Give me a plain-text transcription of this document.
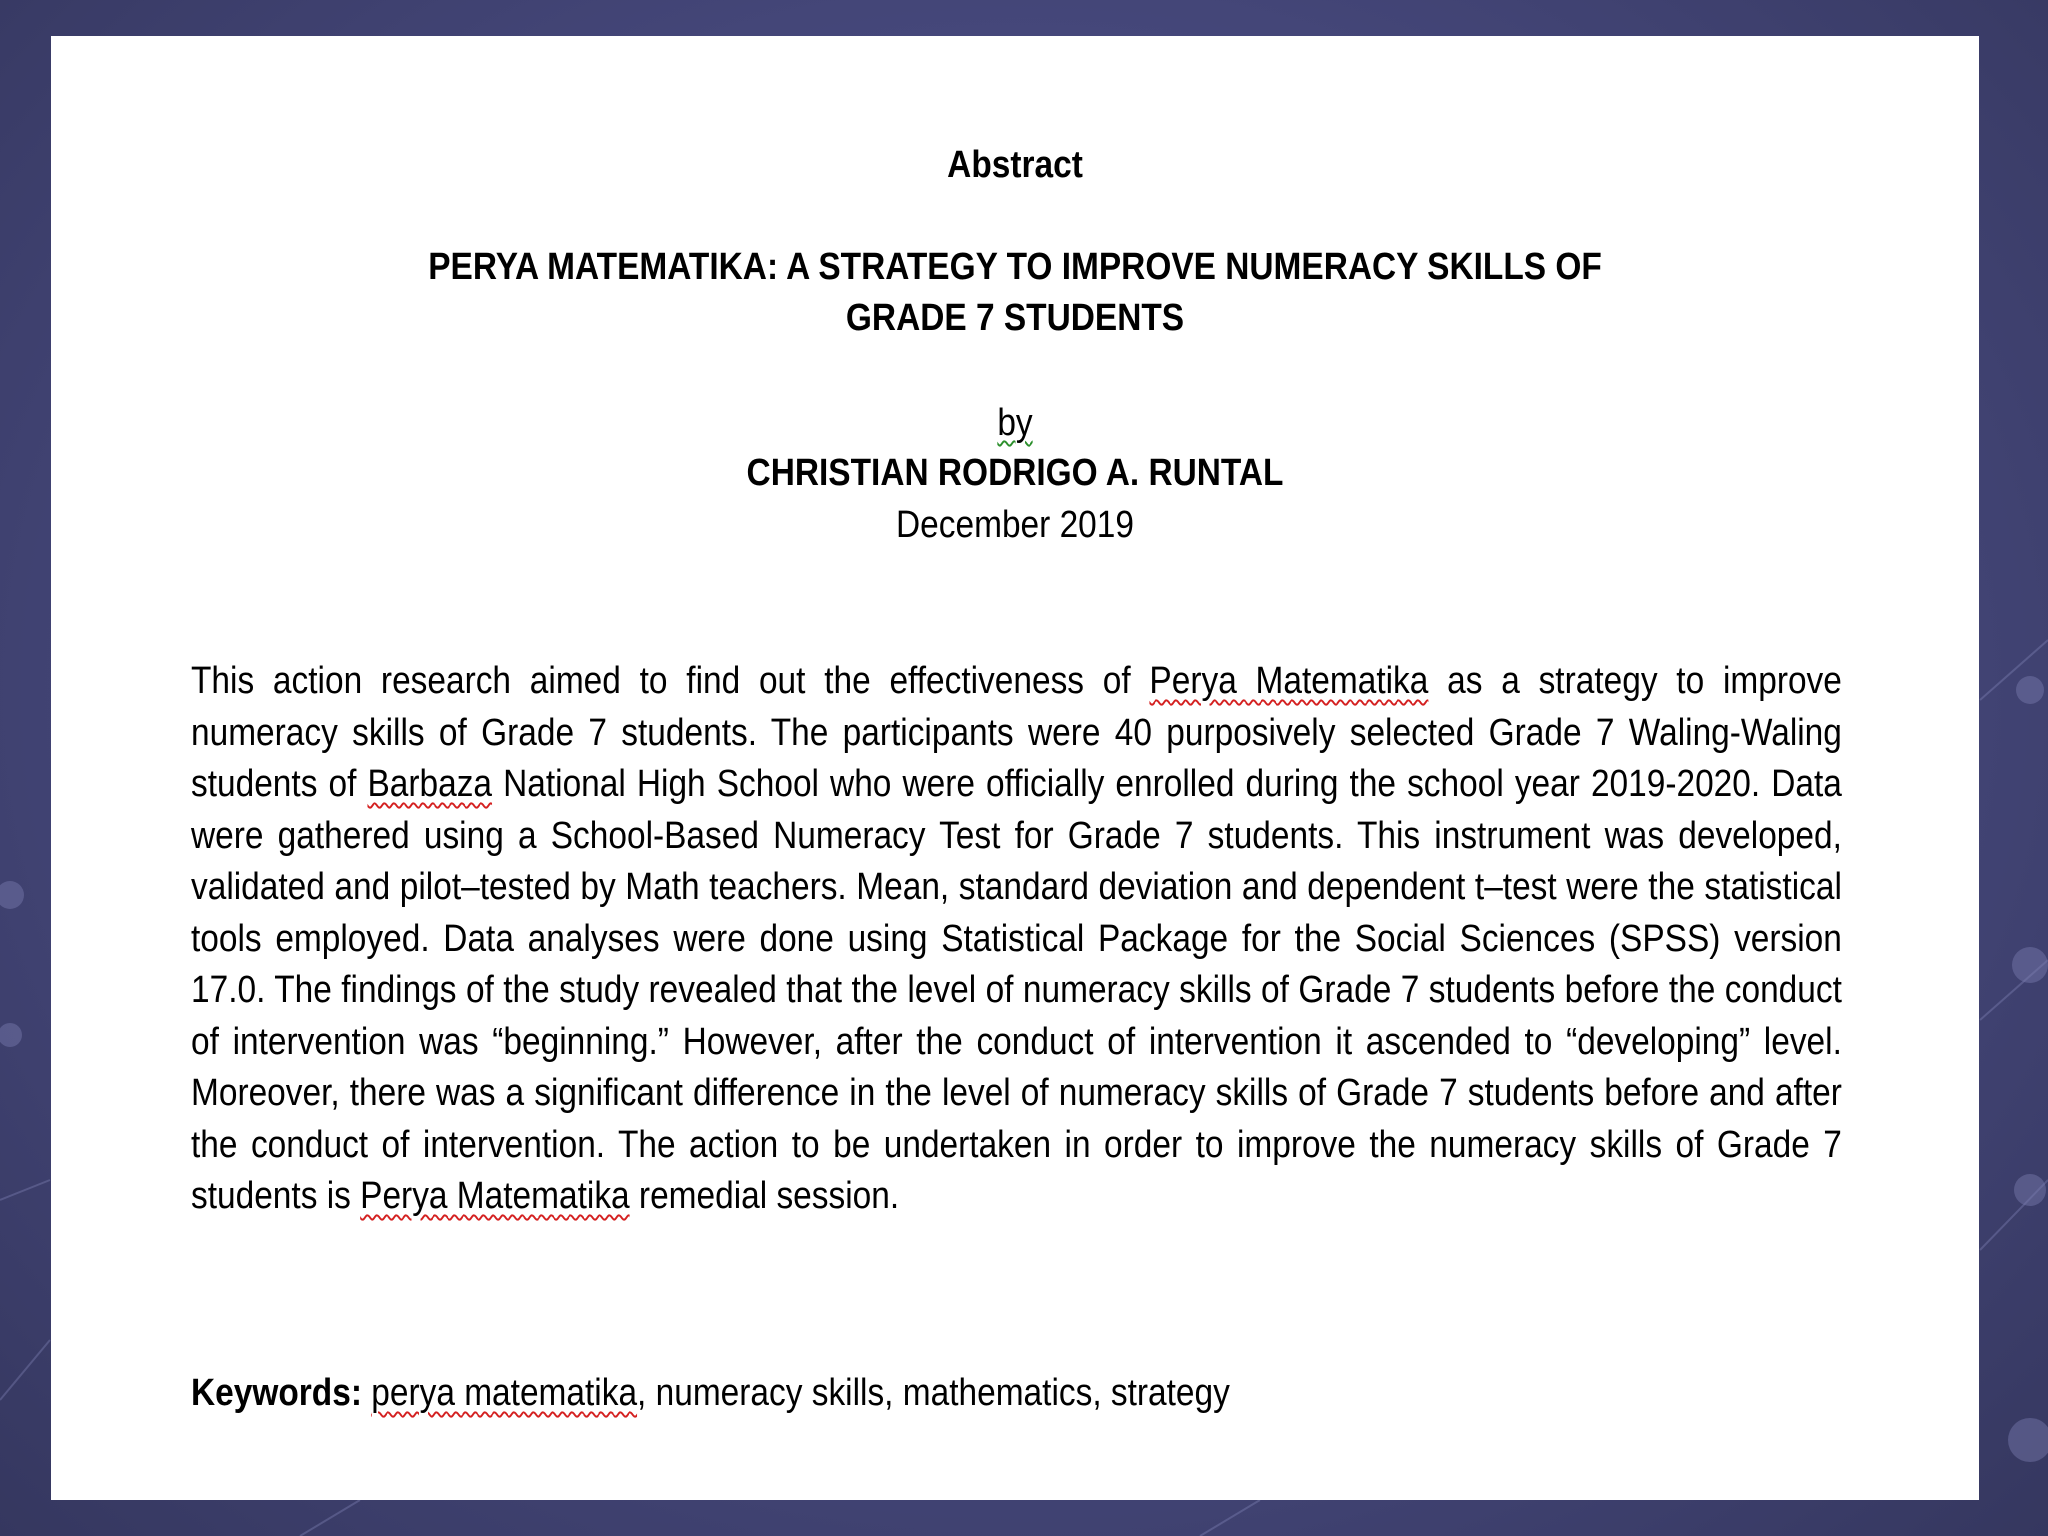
Abstract
PERYA MATEMATIKA: A STRATEGY TO IMPROVE NUMERACY SKILLS OF
GRADE 7 STUDENTS
by
CHRISTIAN RODRIGO A. RUNTAL
December 2019
This action research aimed to find out the effectiveness of Perya Matematika as a strategy to improve numeracy skills of Grade 7 students. The participants were 40 purposively selected Grade 7 Waling-Waling students of Barbaza National High School who were officially enrolled during the school year 2019-2020. Data were gathered using a School-Based Numeracy Test for Grade 7 students. This instrument was developed, validated and pilot–tested by Math teachers. Mean, standard deviation and dependent t–test were the statistical tools employed. Data analyses were done using Statistical Package for the Social Sciences (SPSS) version 17.0. The findings of the study revealed that the level of numeracy skills of Grade 7 students before the conduct of intervention was “beginning.” However, after the conduct of intervention it ascended to “developing” level. Moreover, there was a significant difference in the level of numeracy skills of Grade 7 students before and after the conduct of intervention. The action to be undertaken in order to improve the numeracy skills of Grade 7 students is Perya Matematika remedial session.
Keywords: perya matematika, numeracy skills, mathematics, strategy
